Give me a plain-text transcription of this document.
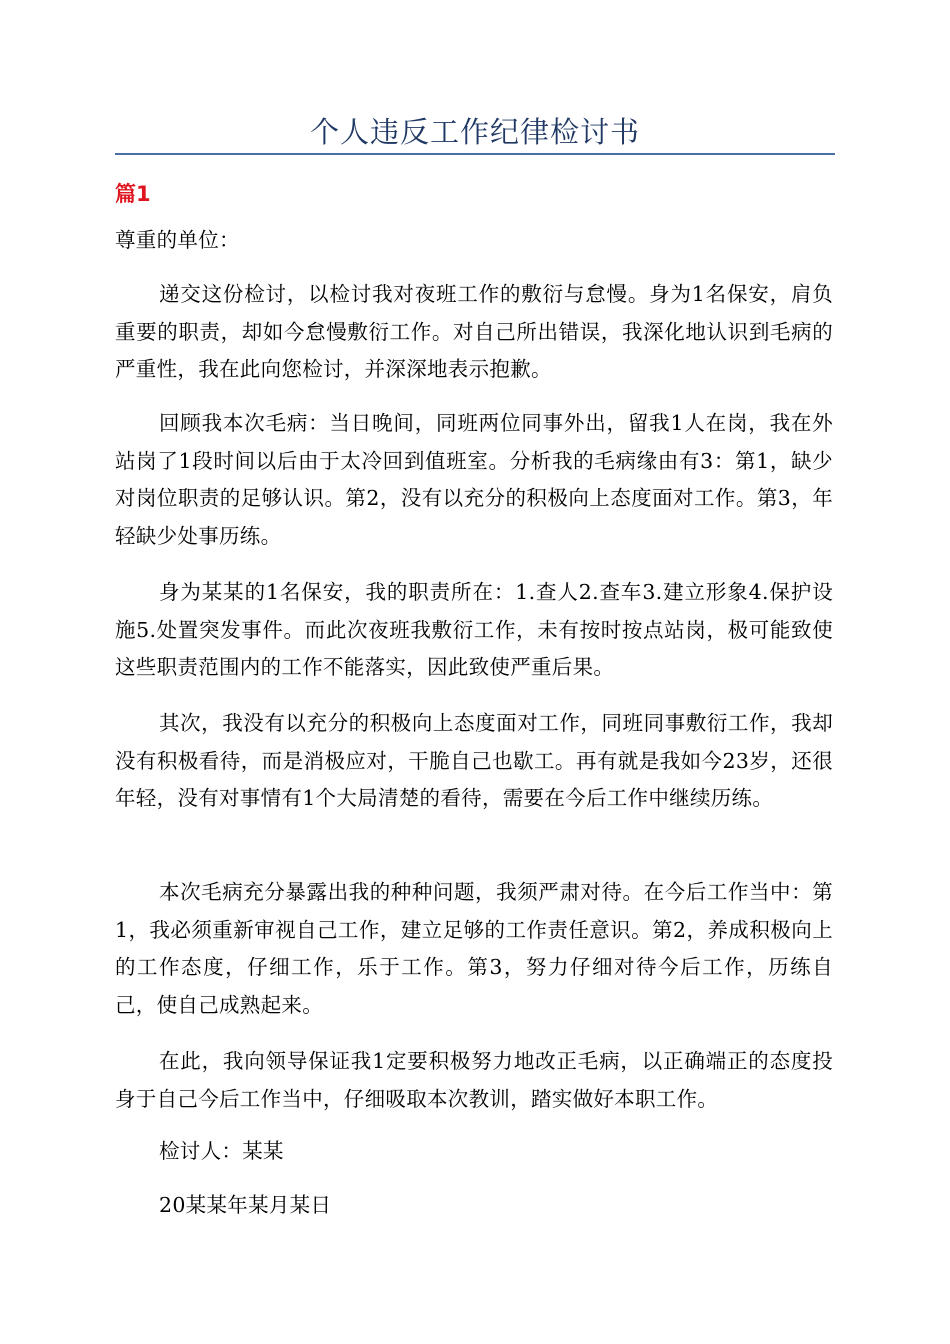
个人违反工作纪律检讨书
篇1
尊重的单位：
递交这份检讨，以检讨我对夜班工作的敷衍与怠慢。身为1名保安，肩负重要的职责，却如今怠慢敷衍工作。对自己所出错误，我深化地认识到毛病的严重性，我在此向您检讨，并深深地表示抱歉。
回顾我本次毛病：当日晚间，同班两位同事外出，留我1人在岗，我在外站岗了1段时间以后由于太冷回到值班室。分析我的毛病缘由有3：第1，缺少对岗位职责的足够认识。第2，没有以充分的积极向上态度面对工作。第3，年轻缺少处事历练。
身为某某的1名保安，我的职责所在：1.查人2.查车3.建立形象4.保护设施5.处置突发事件。而此次夜班我敷衍工作，未有按时按点站岗，极可能致使这些职责范围内的工作不能落实，因此致使严重后果。
其次，我没有以充分的积极向上态度面对工作，同班同事敷衍工作，我却没有积极看待，而是消极应对，干脆自己也歇工。再有就是我如今23岁，还很年轻，没有对事情有1个大局清楚的看待，需要在今后工作中继续历练。
本次毛病充分暴露出我的种种问题，我须严肃对待。在今后工作当中：第1，我必须重新审视自己工作，建立足够的工作责任意识。第2，养成积极向上的工作态度，仔细工作，乐于工作。第3，努力仔细对待今后工作，历练自己，使自己成熟起来。
在此，我向领导保证我1定要积极努力地改正毛病，以正确端正的态度投身于自己今后工作当中，仔细吸取本次教训，踏实做好本职工作。
检讨人：某某
20某某年某月某日
